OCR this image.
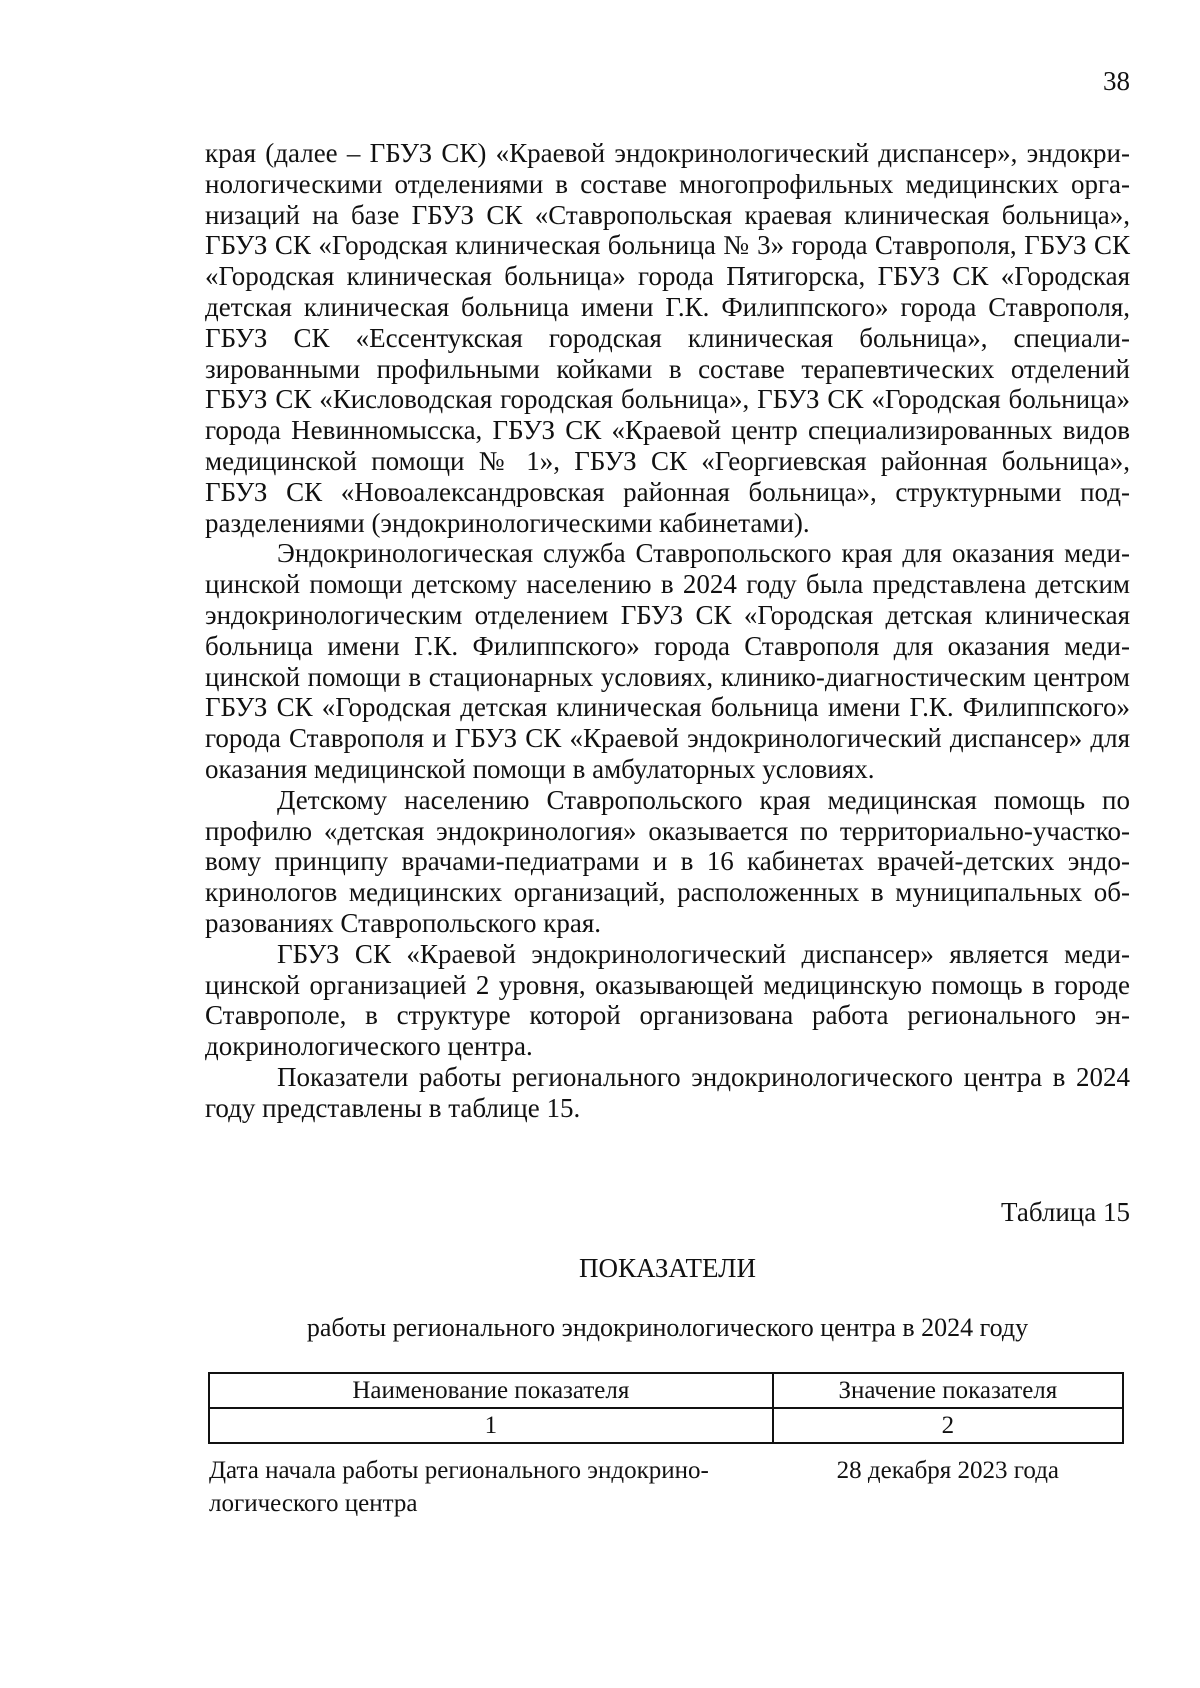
38

края (далее – ГБУЗ СК) «Краевой эндокринологический диспансер», эндокринологическими отделениями в составе многопрофильных медицинских организаций на базе ГБУЗ СК «Ставропольская краевая клиническая больница», ГБУЗ СК «Городская клиническая больница № 3» города Ставрополя, ГБУЗ СК «Городская клиническая больница» города Пятигорска, ГБУЗ СК «Городская детская клиническая больница имени Г.К. Филиппского» города Ставрополя, ГБУЗ СК «Ессентукская городская клиническая больница», специализированными профильными койками в составе терапевтических отделений ГБУЗ СК «Кисловодская городская больница», ГБУЗ СК «Городская больница» города Невинномысска, ГБУЗ СК «Краевой центр специализированных видов медицинской помощи № 1», ГБУЗ СК «Георгиевская районная больница», ГБУЗ СК «Новоалександровская районная больница», структурными подразделениями (эндокринологическими кабинетами).

Эндокринологическая служба Ставропольского края для оказания медицинской помощи детскому населению в 2024 году была представлена детским эндокринологическим отделением ГБУЗ СК «Городская детская клиническая больница имени Г.К. Филиппского» города Ставрополя для оказания медицинской помощи в стационарных условиях, клинико-диагностическим центром ГБУЗ СК «Городская детская клиническая больница имени Г.К. Филиппского» города Ставрополя и ГБУЗ СК «Краевой эндокринологический диспансер» для оказания медицинской помощи в амбулаторных условиях.

Детскому населению Ставропольского края медицинская помощь по профилю «детская эндокринология» оказывается по территориально-участковому принципу врачами-педиатрами и в 16 кабинетах врачей-детских эндокринологов медицинских организаций, расположенных в муниципальных образованиях Ставропольского края.

ГБУЗ СК «Краевой эндокринологический диспансер» является медицинской организацией 2 уровня, оказывающей медицинскую помощь в городе Ставрополе, в структуре которой организована работа регионального эндокринологического центра.

Показатели работы регионального эндокринологического центра в 2024 году представлены в таблице 15.

Таблица 15
ПОКАЗАТЕЛИ
работы регионального эндокринологического центра в 2024 году
Наименование показателя	Значение показателя
1	2
Дата начала работы регионального эндокринологического центра	28 декабря 2023 года
